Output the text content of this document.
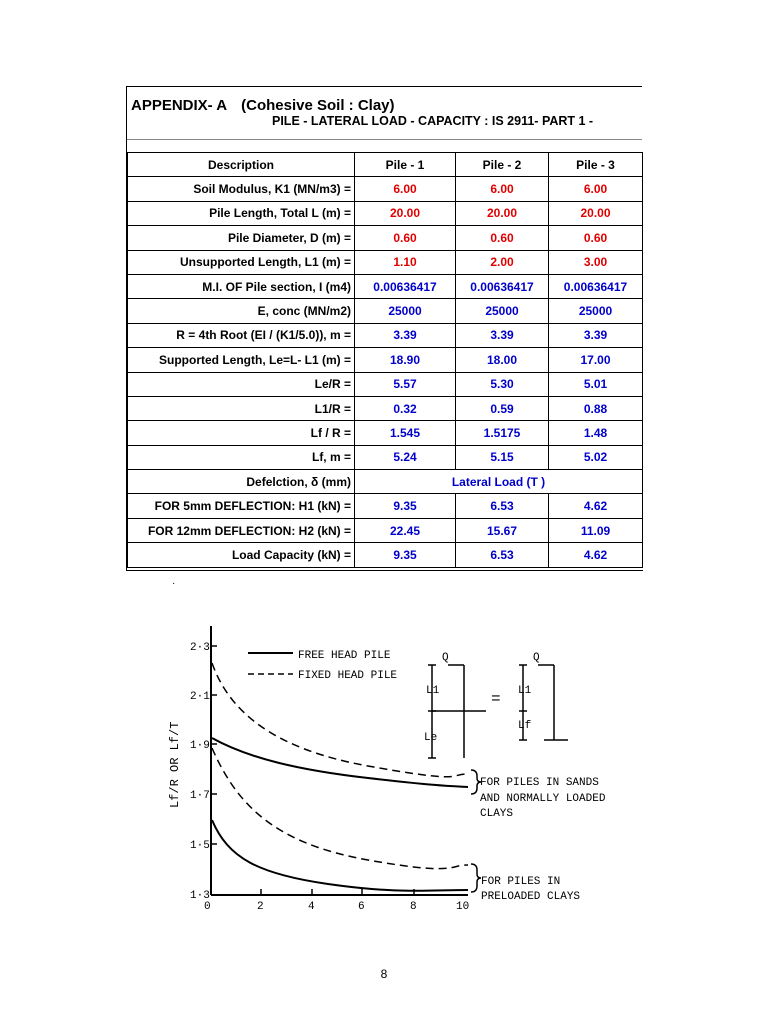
APPENDIX- A (Cohesive Soil : Clay)
PILE - LATERAL LOAD - CAPACITY : IS 2911- PART 1 -
Description	Pile - 1	Pile - 2	Pile - 3
Soil Modulus, K1 (MN/m3) =	6.00	6.00	6.00
Pile Length, Total L (m) =	20.00	20.00	20.00
Pile Diameter, D (m) =	0.60	0.60	0.60
Unsupported Length, L1 (m) =	1.10	2.00	3.00
M.I. OF Pile section, I (m4)	0.00636417	0.00636417	0.00636417
E, conc (MN/m2)	25000	25000	25000
R = 4th Root (EI / (K1/5.0)), m =	3.39	3.39	3.39
Supported Length, Le=L- L1 (m) =	18.90	18.00	17.00
Le/R =	5.57	5.30	5.01
L1/R =	0.32	0.59	0.88
Lf / R =	1.545	1.5175	1.48
Lf, m =	5.24	5.15	5.02
Defelction, δ (mm)	Lateral Load (T )		
FOR 5mm DEFLECTION: H1 (kN) =	9.35	6.53	4.62
FOR 12mm DEFLECTION: H2 (kN) =	22.45	15.67	11.09
Load Capacity (kN) =	9.35	6.53	4.62
·
2·3
2·1
1·9
1·7
1·5
1·3
0	2	4	6	8	10
Lf/R OR Lf/T
FREE HEAD PILE
FIXED HEAD PILE
FOR PILES IN SANDS
AND NORMALLY LOADED
CLAYS
FOR PILES IN
PRELOADED CLAYS
Q
L1
Le
=
Q
L1
Lf
8
